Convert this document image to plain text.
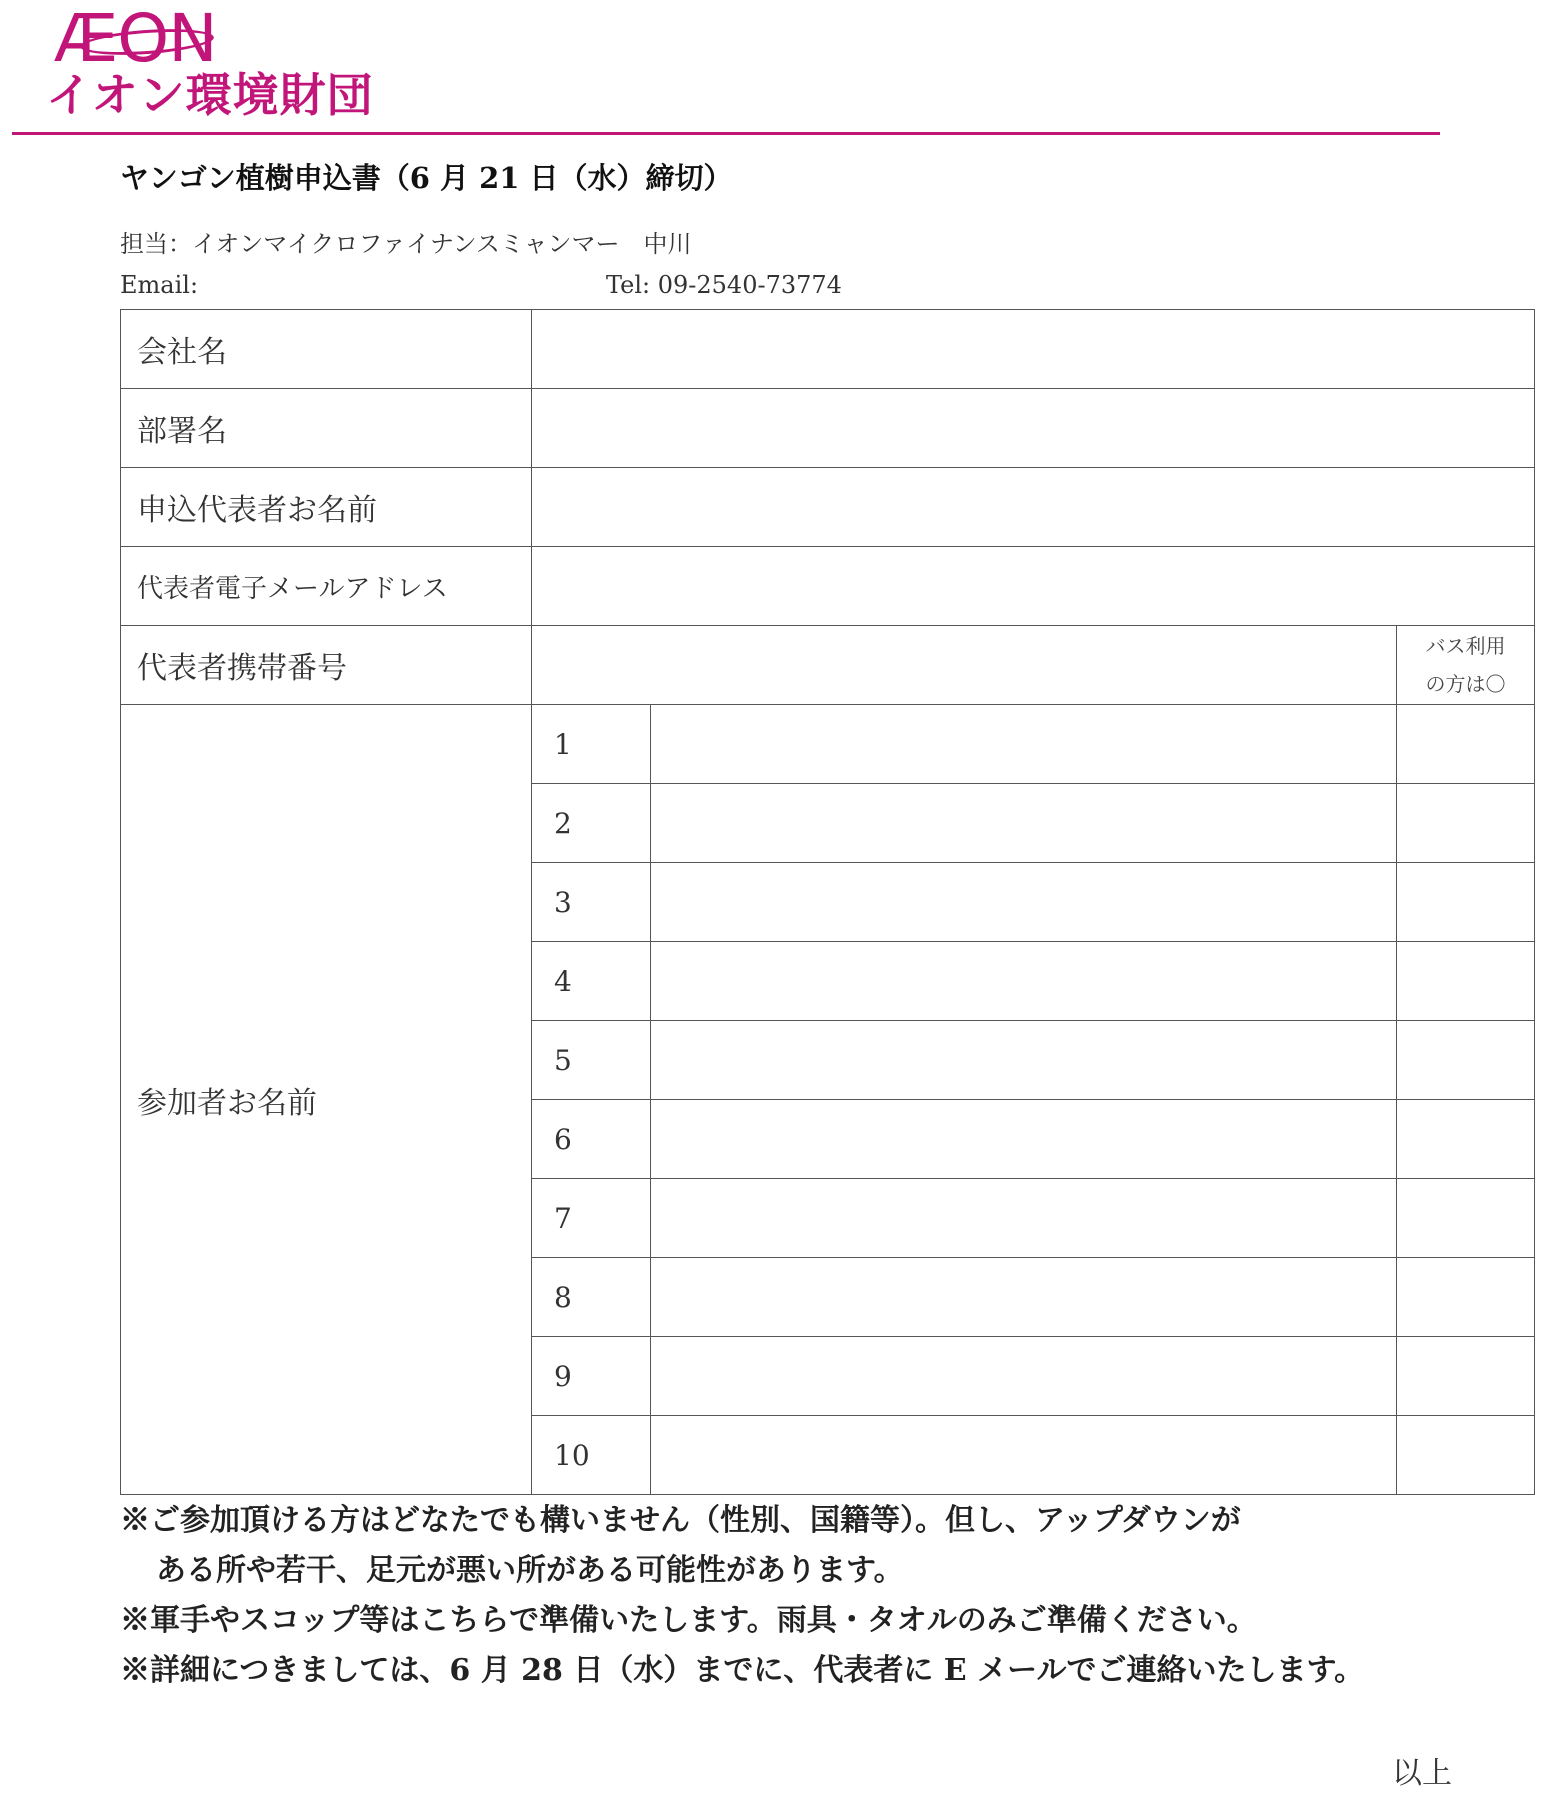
ÆON
イオン環境財団
ヤンゴン植樹申込書（6 月 21 日（水）締切）
担当：イオンマイクロファイナンスミャンマー　中川
Email:	Tel: 09-2540-73774
会社名			
部署名			
申込代表者お名前			
代表者電子メールアドレス			
代表者携帯番号			バス利用
の方は〇

参加者お名前	1		
	2		
	3		
	4		
	5		
	6		
	7		
	8		
	9		
	10		
※ご参加頂ける方はどなたでも構いません（性別、国籍等）。但し、アップダウンが
ある所や若干、足元が悪い所がある可能性があります。
※軍手やスコップ等はこちらで準備いたします。雨具・タオルのみご準備ください。
※詳細につきましては、6 月 28 日（水）までに、代表者に E メールでご連絡いたします。
以上
